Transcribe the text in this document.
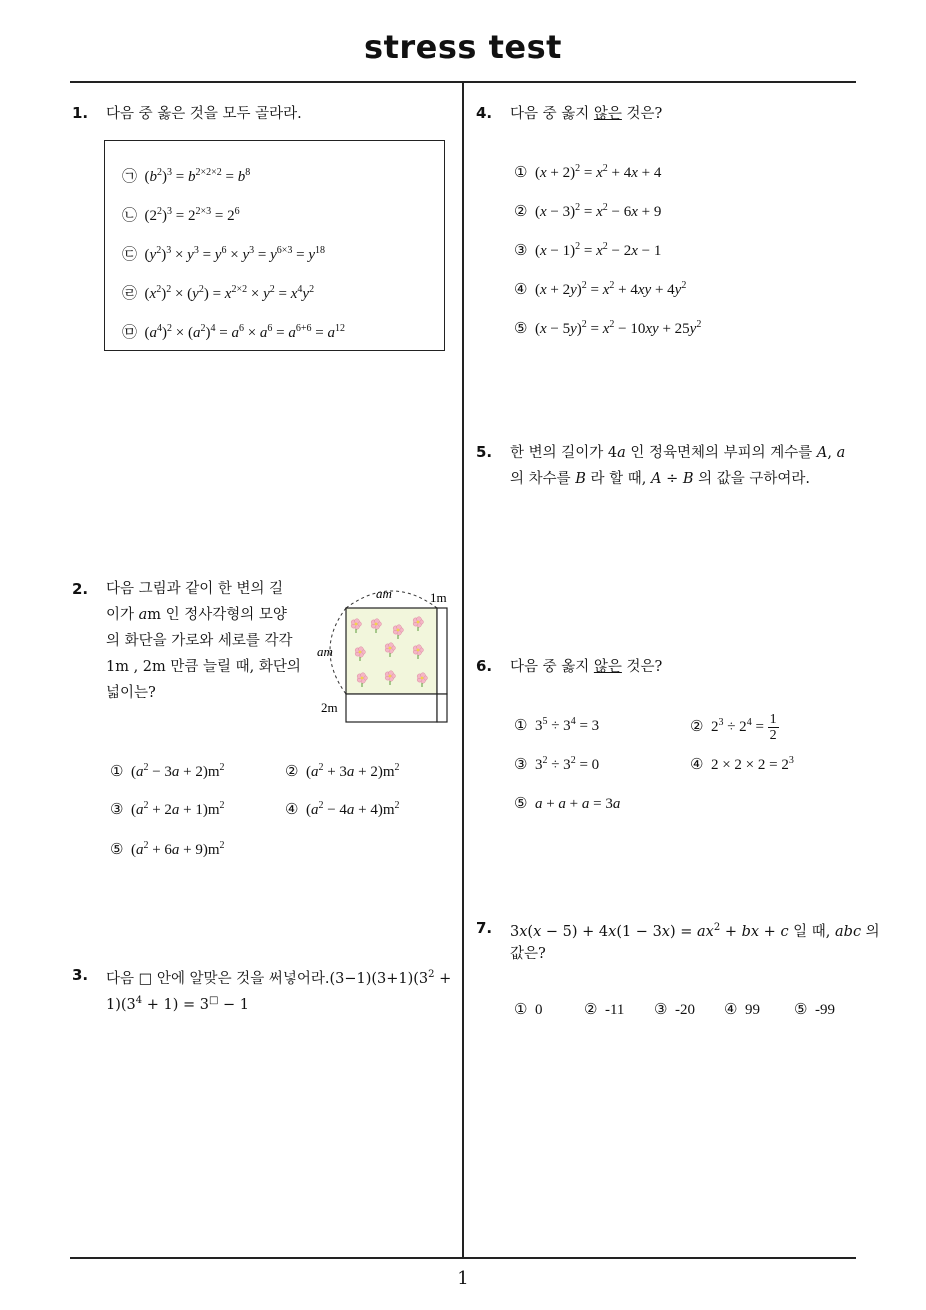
stress test
1
1. 다음 중 옳은 것을 모두 골라라.
㉠  $(b^2)^3 = b^{2\times 2\times 2} = b^8$
㉡  $(2^2)^3 = 2^{2\times 3} = 2^6$
㉢  $(y^2)^3 \times y^3 = y^6 \times y^3 = y^{6\times 3} = y^{18}$
㉣  $(x^2)^2 \times (y^2) = x^{2\times 2} \times y^2 = x^4y^2$
㉤  $(a^4)^2 \times (a^2)^4 = a^6 \times a^6 = a^{6+6} = a^{12}$
2. 다음 그림과 같이 한 변의 길
이가 am 인 정사각형의 모양
의 화단을 가로와 세로를 각각
1m , 2m 만큼 늘릴 때, 화단의
넓이는?
am
am
1m
2m
①  $(a^2 - 3a + 2)m^2$	②  $(a^2 + 3a + 2)m^2$
③  $(a^2 + 2a + 1)m^2$	④  $(a^2 - 4a + 4)m^2$
⑤  $(a^2 + 6a + 9)m^2$
3. 다음 □ 안에 알맞은 것을 써넣어라$.(3-1)(3+1)(3^2$ +
$1)(3^4 + 1) = 3^□ - 1$
4. 다음 중 옳지 않은 것은?
①  $(x + 2)^2 = x^2 + 4x + 4$
②  $(x - 3)^2 = x^2 - 6x + 9$
③  $(x - 1)^2 = x^2 - 2x - 1$
④  $(x + 2y)^2 = x^2 + 4xy + 4y^2$
⑤  $(x - 5y)^2 = x^2 - 10xy + 25y^2$
5. 한 변의 길이가 4a 인 정육면체의 부피의 계수를 A, a
의 차수를 B 라 할 때, A ÷ B 의 값을 구하여라.
6. 다음 중 옳지 않은 것은?
①  $3^5 \div 3^4 = 3$	②  $2^3 \div 2^4 = \frac{1}{2}$
③  $3^2 \div 3^2 = 0$	④  $2 \times 2 \times 2 = 2^3$
⑤ a + a + a = 3a
7. $3x(x - 5) + 4x(1 - 3x) = ax^2$ + bx + c 일 때, abc 의
값은?
① 0	② -11 ③ -20 ④ 99 ⑤ -99
